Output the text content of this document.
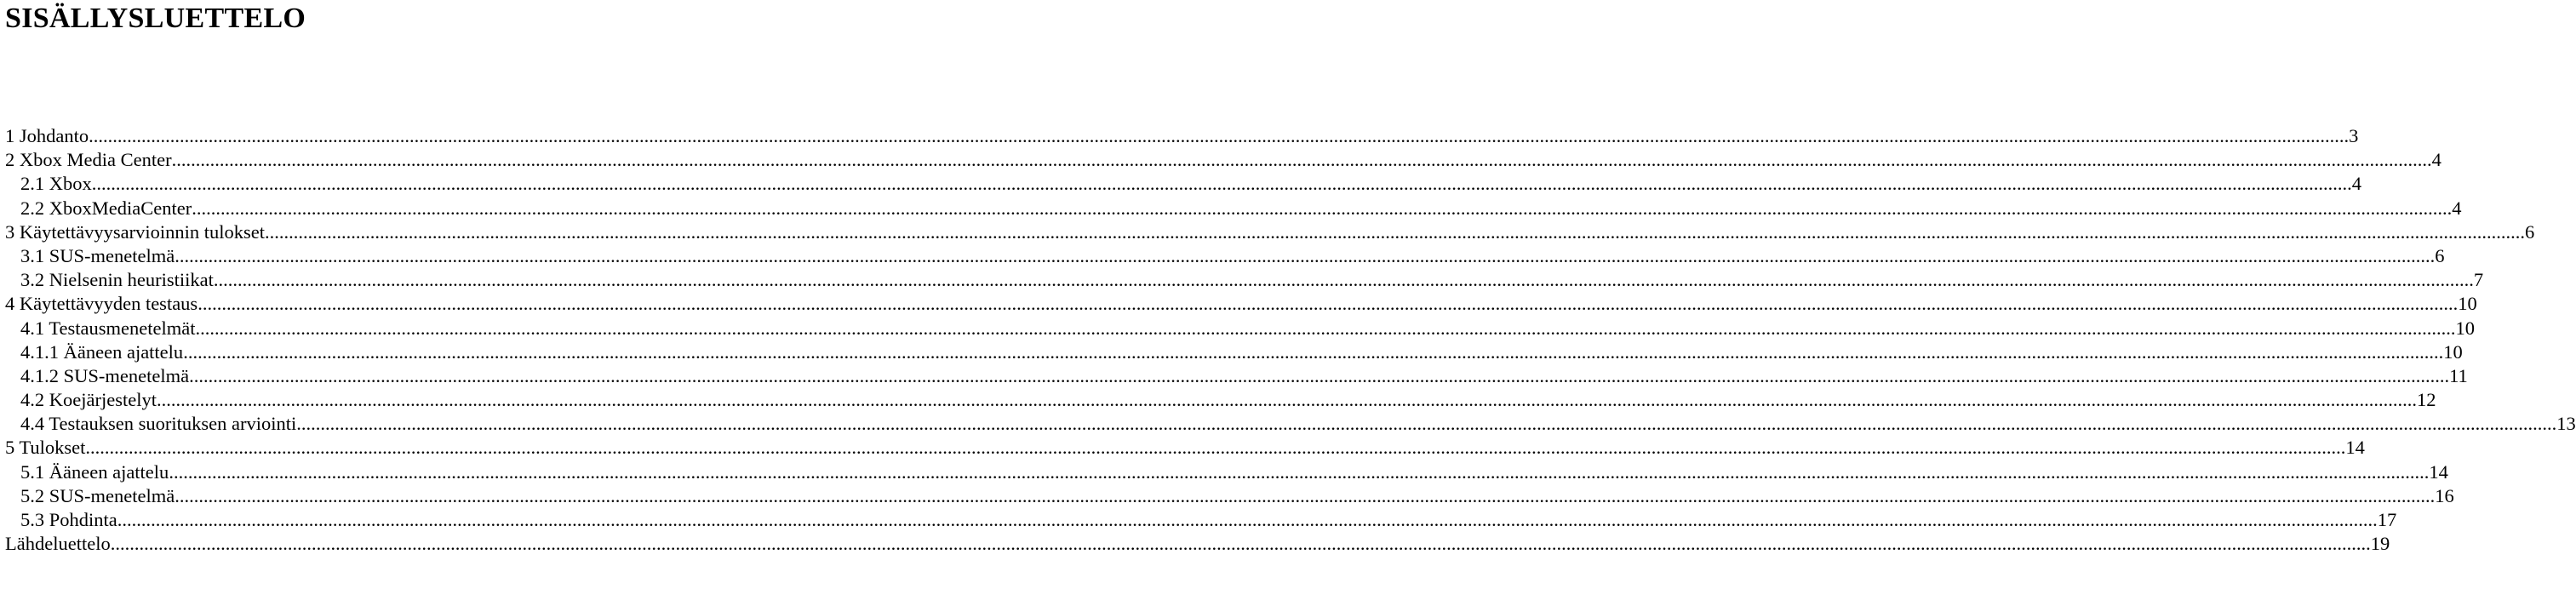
SISÄLLYSLUETTELO
1 Johdanto .....	3
2 Xbox Media Center .....	4
2.1 Xbox .....	4
2.2 XboxMediaCenter .....	4
3 Käytettävyysarvioinnin tulokset .....	6
3.1 SUS-menetelmä .....	6
3.2 Nielsenin heuristiikat .....	7
4 Käytettävyyden testaus .....	10
4.1 Testausmenetelmät .....	10
4.1.1 Ääneen ajattelu .....	10
4.1.2 SUS-menetelmä .....	11
4.2 Koejärjestelyt .....	12
4.4 Testauksen suorituksen arviointi .....	13
5 Tulokset .....	14
5.1 Ääneen ajattelu .....	14
5.2 SUS-menetelmä .....	16
5.3 Pohdinta .....	17
Lähdeluettelo .....	19
